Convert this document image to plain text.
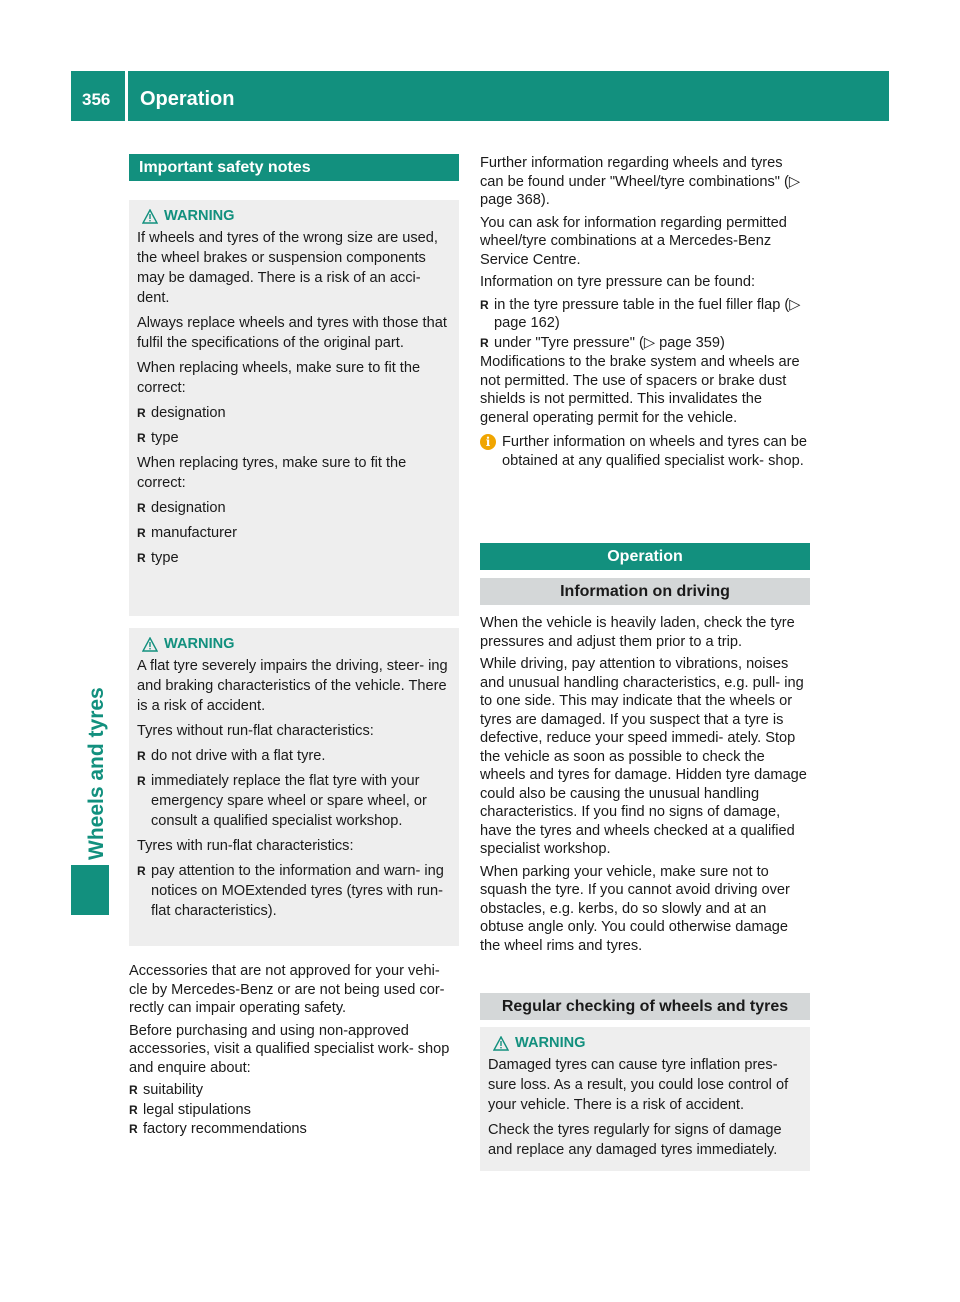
356 Operation
Wheels and tyres
Important safety notes
WARNING

If wheels and tyres of the wrong size are used, the wheel brakes or suspension components may be damaged. There is a risk of an acci- dent.

Always replace wheels and tyres with those that fulfil the specifications of the original part.

When replacing wheels, make sure to fit the correct:

R designation
R type

When replacing tyres, make sure to fit the correct:

R designation
R manufacturer
R type
WARNING

A flat tyre severely impairs the driving, steer- ing and braking characteristics of the vehicle. There is a risk of accident.

Tyres without run-flat characteristics:

R do not drive with a flat tyre.
R immediately replace the flat tyre with your emergency spare wheel or spare wheel, or consult a qualified specialist workshop.

Tyres with run-flat characteristics:

R pay attention to the information and warn- ing notices on MOExtended tyres (tyres with run-flat characteristics).

Accessories that are not approved for your vehi- cle by Mercedes-Benz or are not being used cor- rectly can impair operating safety.

Before purchasing and using non-approved accessories, visit a qualified specialist work- shop and enquire about:

R suitability
R legal stipulations
R factory recommendations

Further information regarding wheels and tyres can be found under "Wheel/tyre combinations" (▷ page 368).

You can ask for information regarding permitted wheel/tyre combinations at a Mercedes-Benz Service Centre.

Information on tyre pressure can be found:

R in the tyre pressure table in the fuel filler flap (▷ page 162)
R under "Tyre pressure" (▷ page 359)

Modifications to the brake system and wheels are not permitted. The use of spacers or brake dust shields is not permitted. This invalidates the general operating permit for the vehicle.

i Further information on wheels and tyres can be obtained at any qualified specialist work- shop.

Operation
Information on driving

When the vehicle is heavily laden, check the tyre pressures and adjust them prior to a trip.

While driving, pay attention to vibrations, noises and unusual handling characteristics, e.g. pull- ing to one side. This may indicate that the wheels or tyres are damaged. If you suspect that a tyre is defective, reduce your speed immedi- ately. Stop the vehicle as soon as possible to check the wheels and tyres for damage. Hidden tyre damage could also be causing the unusual handling characteristics. If you find no signs of damage, have the tyres and wheels checked at a qualified specialist workshop.

When parking your vehicle, make sure not to squash the tyre. If you cannot avoid driving over obstacles, e.g. kerbs, do so slowly and at an obtuse angle only. You could otherwise damage the wheel rims and tyres.

Regular checking of wheels and tyres
WARNING

Damaged tyres can cause tyre inflation pres- sure loss. As a result, you could lose control of your vehicle. There is a risk of accident.

Check the tyres regularly for signs of damage and replace any damaged tyres immediately.
